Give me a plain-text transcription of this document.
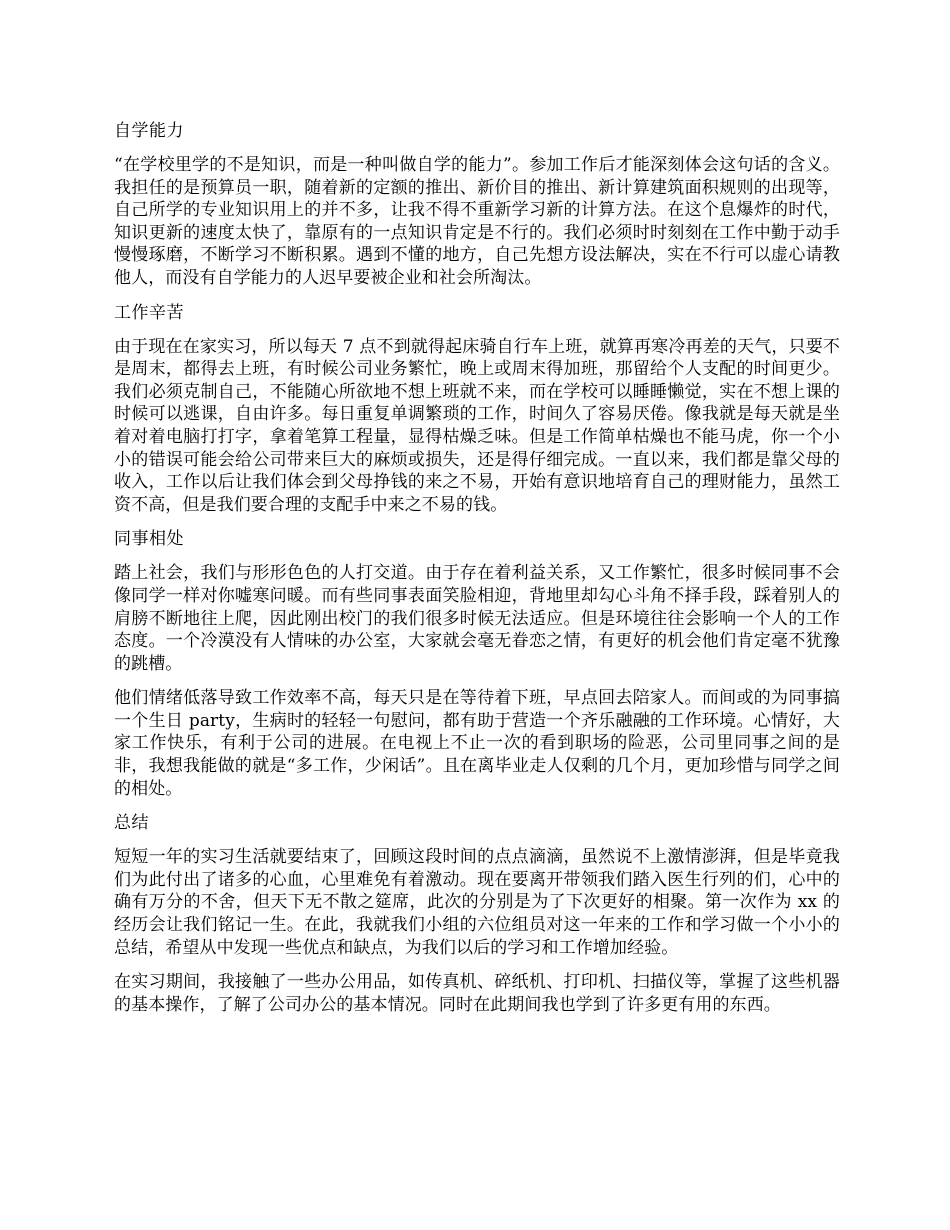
自学能力

“在学校里学的不是知识，而是一种叫做自学的能力”。参加工作后才能深刻体会这句话的含义。我担任的是预算员一职，随着新的定额的推出、新价目的推出、新计算建筑面积规则的出现等，自己所学的专业知识用上的并不多，让我不得不重新学习新的计算方法。在这个息爆炸的时代，知识更新的速度太快了，靠原有的一点知识肯定是不行的。我们必须时时刻刻在工作中勤于动手慢慢琢磨，不断学习不断积累。遇到不懂的地方，自己先想方设法解决，实在不行可以虚心请教他人，而没有自学能力的人迟早要被企业和社会所淘汰。

工作辛苦

由于现在在家实习，所以每天 7 点不到就得起床骑自行车上班，就算再寒冷再差的天气，只要不是周末，都得去上班，有时候公司业务繁忙，晚上或周末得加班，那留给个人支配的时间更少。我们必须克制自己，不能随心所欲地不想上班就不来，而在学校可以睡睡懒觉，实在不想上课的时候可以逃课，自由许多。每日重复单调繁琐的工作，时间久了容易厌倦。像我就是每天就是坐着对着电脑打打字，拿着笔算工程量，显得枯燥乏味。但是工作简单枯燥也不能马虎，你一个小小的错误可能会给公司带来巨大的麻烦或损失，还是得仔细完成。一直以来，我们都是靠父母的收入，工作以后让我们体会到父母挣钱的来之不易，开始有意识地培育自己的理财能力，虽然工资不高，但是我们要合理的支配手中来之不易的钱。

同事相处

踏上社会，我们与形形色色的人打交道。由于存在着利益关系，又工作繁忙，很多时候同事不会像同学一样对你嘘寒问暖。而有些同事表面笑脸相迎，背地里却勾心斗角不择手段，踩着别人的肩膀不断地往上爬，因此刚出校门的我们很多时候无法适应。但是环境往往会影响一个人的工作态度。一个冷漠没有人情味的办公室，大家就会毫无眷恋之情，有更好的机会他们肯定毫不犹豫的跳槽。

他们情绪低落导致工作效率不高，每天只是在等待着下班，早点回去陪家人。而间或的为同事搞一个生日 party，生病时的轻轻一句慰问，都有助于营造一个齐乐融融的工作环境。心情好，大家工作快乐，有利于公司的进展。在电视上不止一次的看到职场的险恶，公司里同事之间的是非，我想我能做的就是“多工作，少闲话”。且在离毕业走人仅剩的几个月，更加珍惜与同学之间的相处。

总结

短短一年的实习生活就要结束了，回顾这段时间的点点滴滴，虽然说不上激情澎湃，但是毕竟我们为此付出了诸多的心血，心里难免有着激动。现在要离开带领我们踏入医生行列的们，心中的确有万分的不舍，但天下无不散之筵席，此次的分别是为了下次更好的相聚。第一次作为 xx 的经历会让我们铭记一生。在此，我就我们小组的六位组员对这一年来的工作和学习做一个小小的总结，希望从中发现一些优点和缺点，为我们以后的学习和工作增加经验。

在实习期间，我接触了一些办公用品，如传真机、碎纸机、打印机、扫描仪等，掌握了这些机器的基本操作，了解了公司办公的基本情况。同时在此期间我也学到了许多更有用的东西。
